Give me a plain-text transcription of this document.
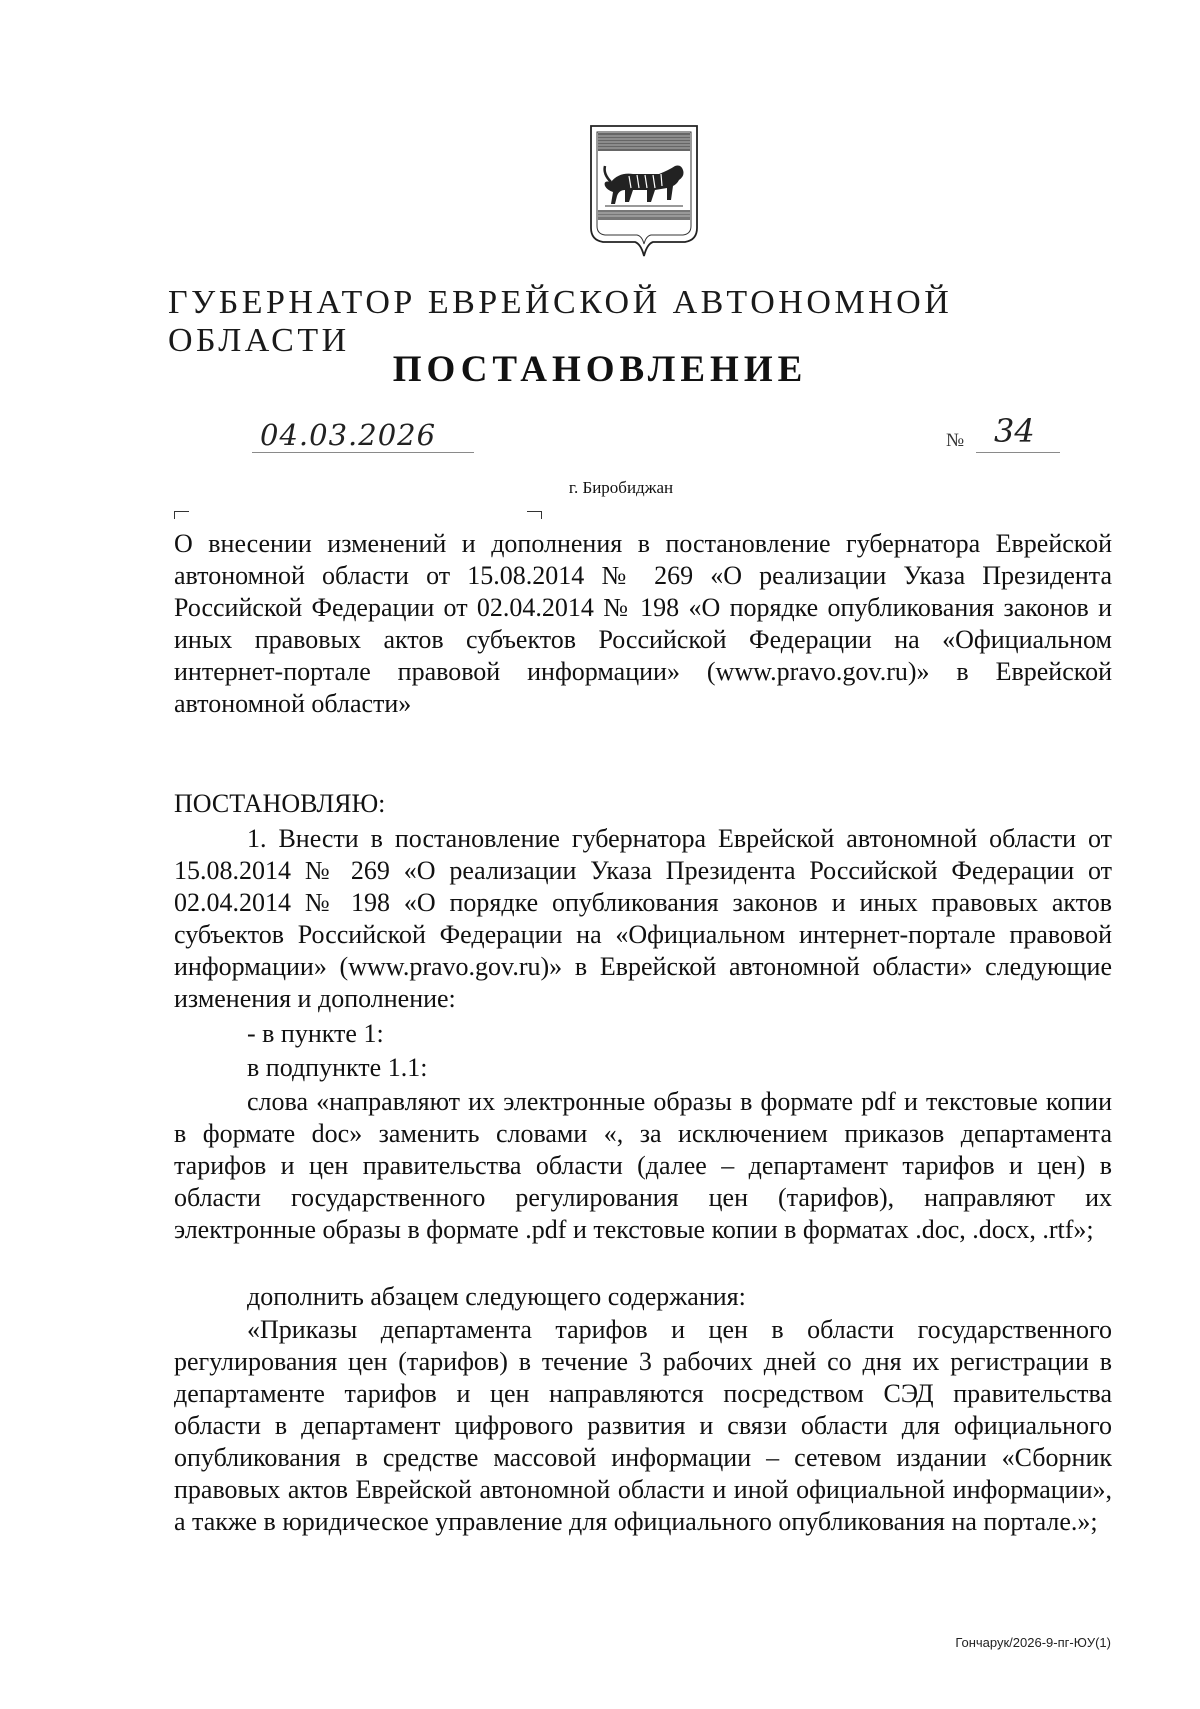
ГУБЕРНАТОР ЕВРЕЙСКОЙ АВТОНОМНОЙ ОБЛАСТИ
ПОСТАНОВЛЕНИЕ
04.03.2026	№ 34
г. Биробиджан
О внесении изменений и дополнения в постановление губернатора Еврейской автономной области от 15.08.2014 № 269 «О реализации Указа Президента Российской Федерации от 02.04.2014 № 198 «О порядке опубликования законов и иных правовых актов субъектов Российской Федерации на «Официальном интернет-портале правовой информации» (www.pravo.gov.ru)» в Еврейской автономной области»
ПОСТАНОВЛЯЮ:
1. Внести в постановление губернатора Еврейской автономной области от 15.08.2014 № 269 «О реализации Указа Президента Российской Федерации от 02.04.2014 № 198 «О порядке опубликования законов и иных правовых актов субъектов Российской Федерации на «Официальном интернет-портале правовой информации» (www.pravo.gov.ru)» в Еврейской автономной области» следующие изменения и дополнение:
- в пункте 1:
в подпункте 1.1:
слова «направляют их электронные образы в формате pdf и текстовые копии в формате doc» заменить словами «, за исключением приказов департамента тарифов и цен правительства области (далее – департамент тарифов и цен) в области государственного регулирования цен (тарифов), направляют их электронные образы в формате .pdf и текстовые копии в форматах .doc, .docx, .rtf»;
дополнить абзацем следующего содержания:
«Приказы департамента тарифов и цен в области государственного регулирования цен (тарифов) в течение 3 рабочих дней со дня их регистрации в департаменте тарифов и цен направляются посредством СЭД правительства области в департамент цифрового развития и связи области для официального опубликования в средстве массовой информации – сетевом издании «Сборник правовых актов Еврейской автономной области и иной официальной информации», а также в юридическое управление для официального опубликования на портале.»;
Гончарук/2026-9-пг-ЮУ(1)
